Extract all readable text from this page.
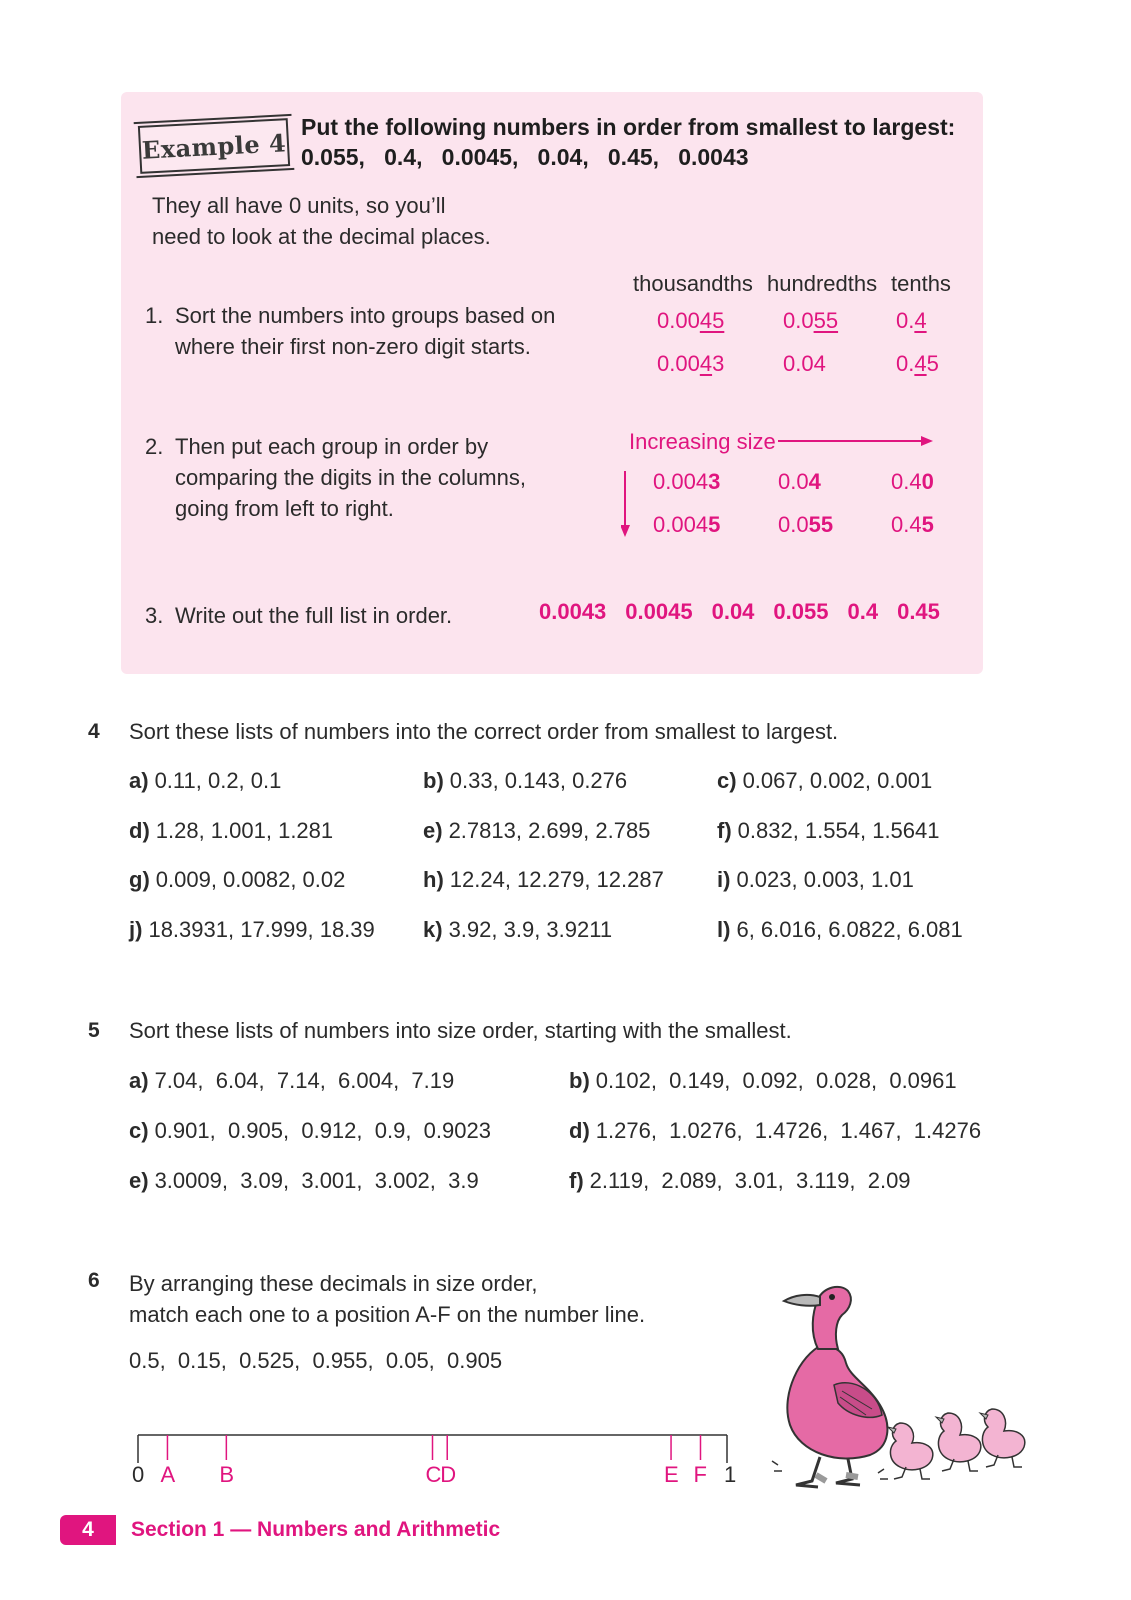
Example 4
Put the following numbers in order from smallest to largest:
0.055,   0.4,   0.0045,   0.04,   0.45,   0.0043
They all have 0 units, so you’ll
need to look at the decimal places.
thousandths hundredths tenths
1. Sort the numbers into groups based on
where their first non-zero digit starts.
0.0045	0.055	0.4
0.0043	0.04	0.45
2. Then put each group in order by
comparing the digits in the columns,
going from left to right.
Increasing size
0.0043	0.04	0.40
0.0045	0.055	0.45
3. Write out the full list in order.	0.0043 0.0045 0.04 0.055 0.4 0.45
4 Sort these lists of numbers into the correct order from smallest to largest.
a) 0.11, 0.2, 0.1	b) 0.33, 0.143, 0.276	c) 0.067, 0.002, 0.001
d) 1.28, 1.001, 1.281	e) 2.7813, 2.699, 2.785	f) 0.832, 1.554, 1.5641
g) 0.009, 0.0082, 0.02	h) 12.24, 12.279, 12.287 i) 0.023, 0.003, 1.01
j) 18.3931, 17.999, 18.39 k) 3.92, 3.9, 3.9211	l) 6, 6.016, 6.0822, 6.081
5 Sort these lists of numbers into size order, starting with the smallest.
a) 7.04,  6.04,  7.14,  6.004,  7.19	b) 0.102,  0.149,  0.092,  0.028,  0.0961
c) 0.901,  0.905,  0.912,  0.9,  0.9023	d) 1.276,  1.0276,  1.4726,  1.467,  1.4276
e) 3.0009,  3.09,  3.001,  3.002,  3.9	f) 2.119,  2.089,  3.01,  3.119,  2.09
6 By arranging these decimals in size order,
match each one to a position A-F on the number line.
0.5,  0.15,  0.525,  0.955,  0.05,  0.905
0	1
A B	C
D	E F
4 Section 1 — Numbers and Arithmetic
